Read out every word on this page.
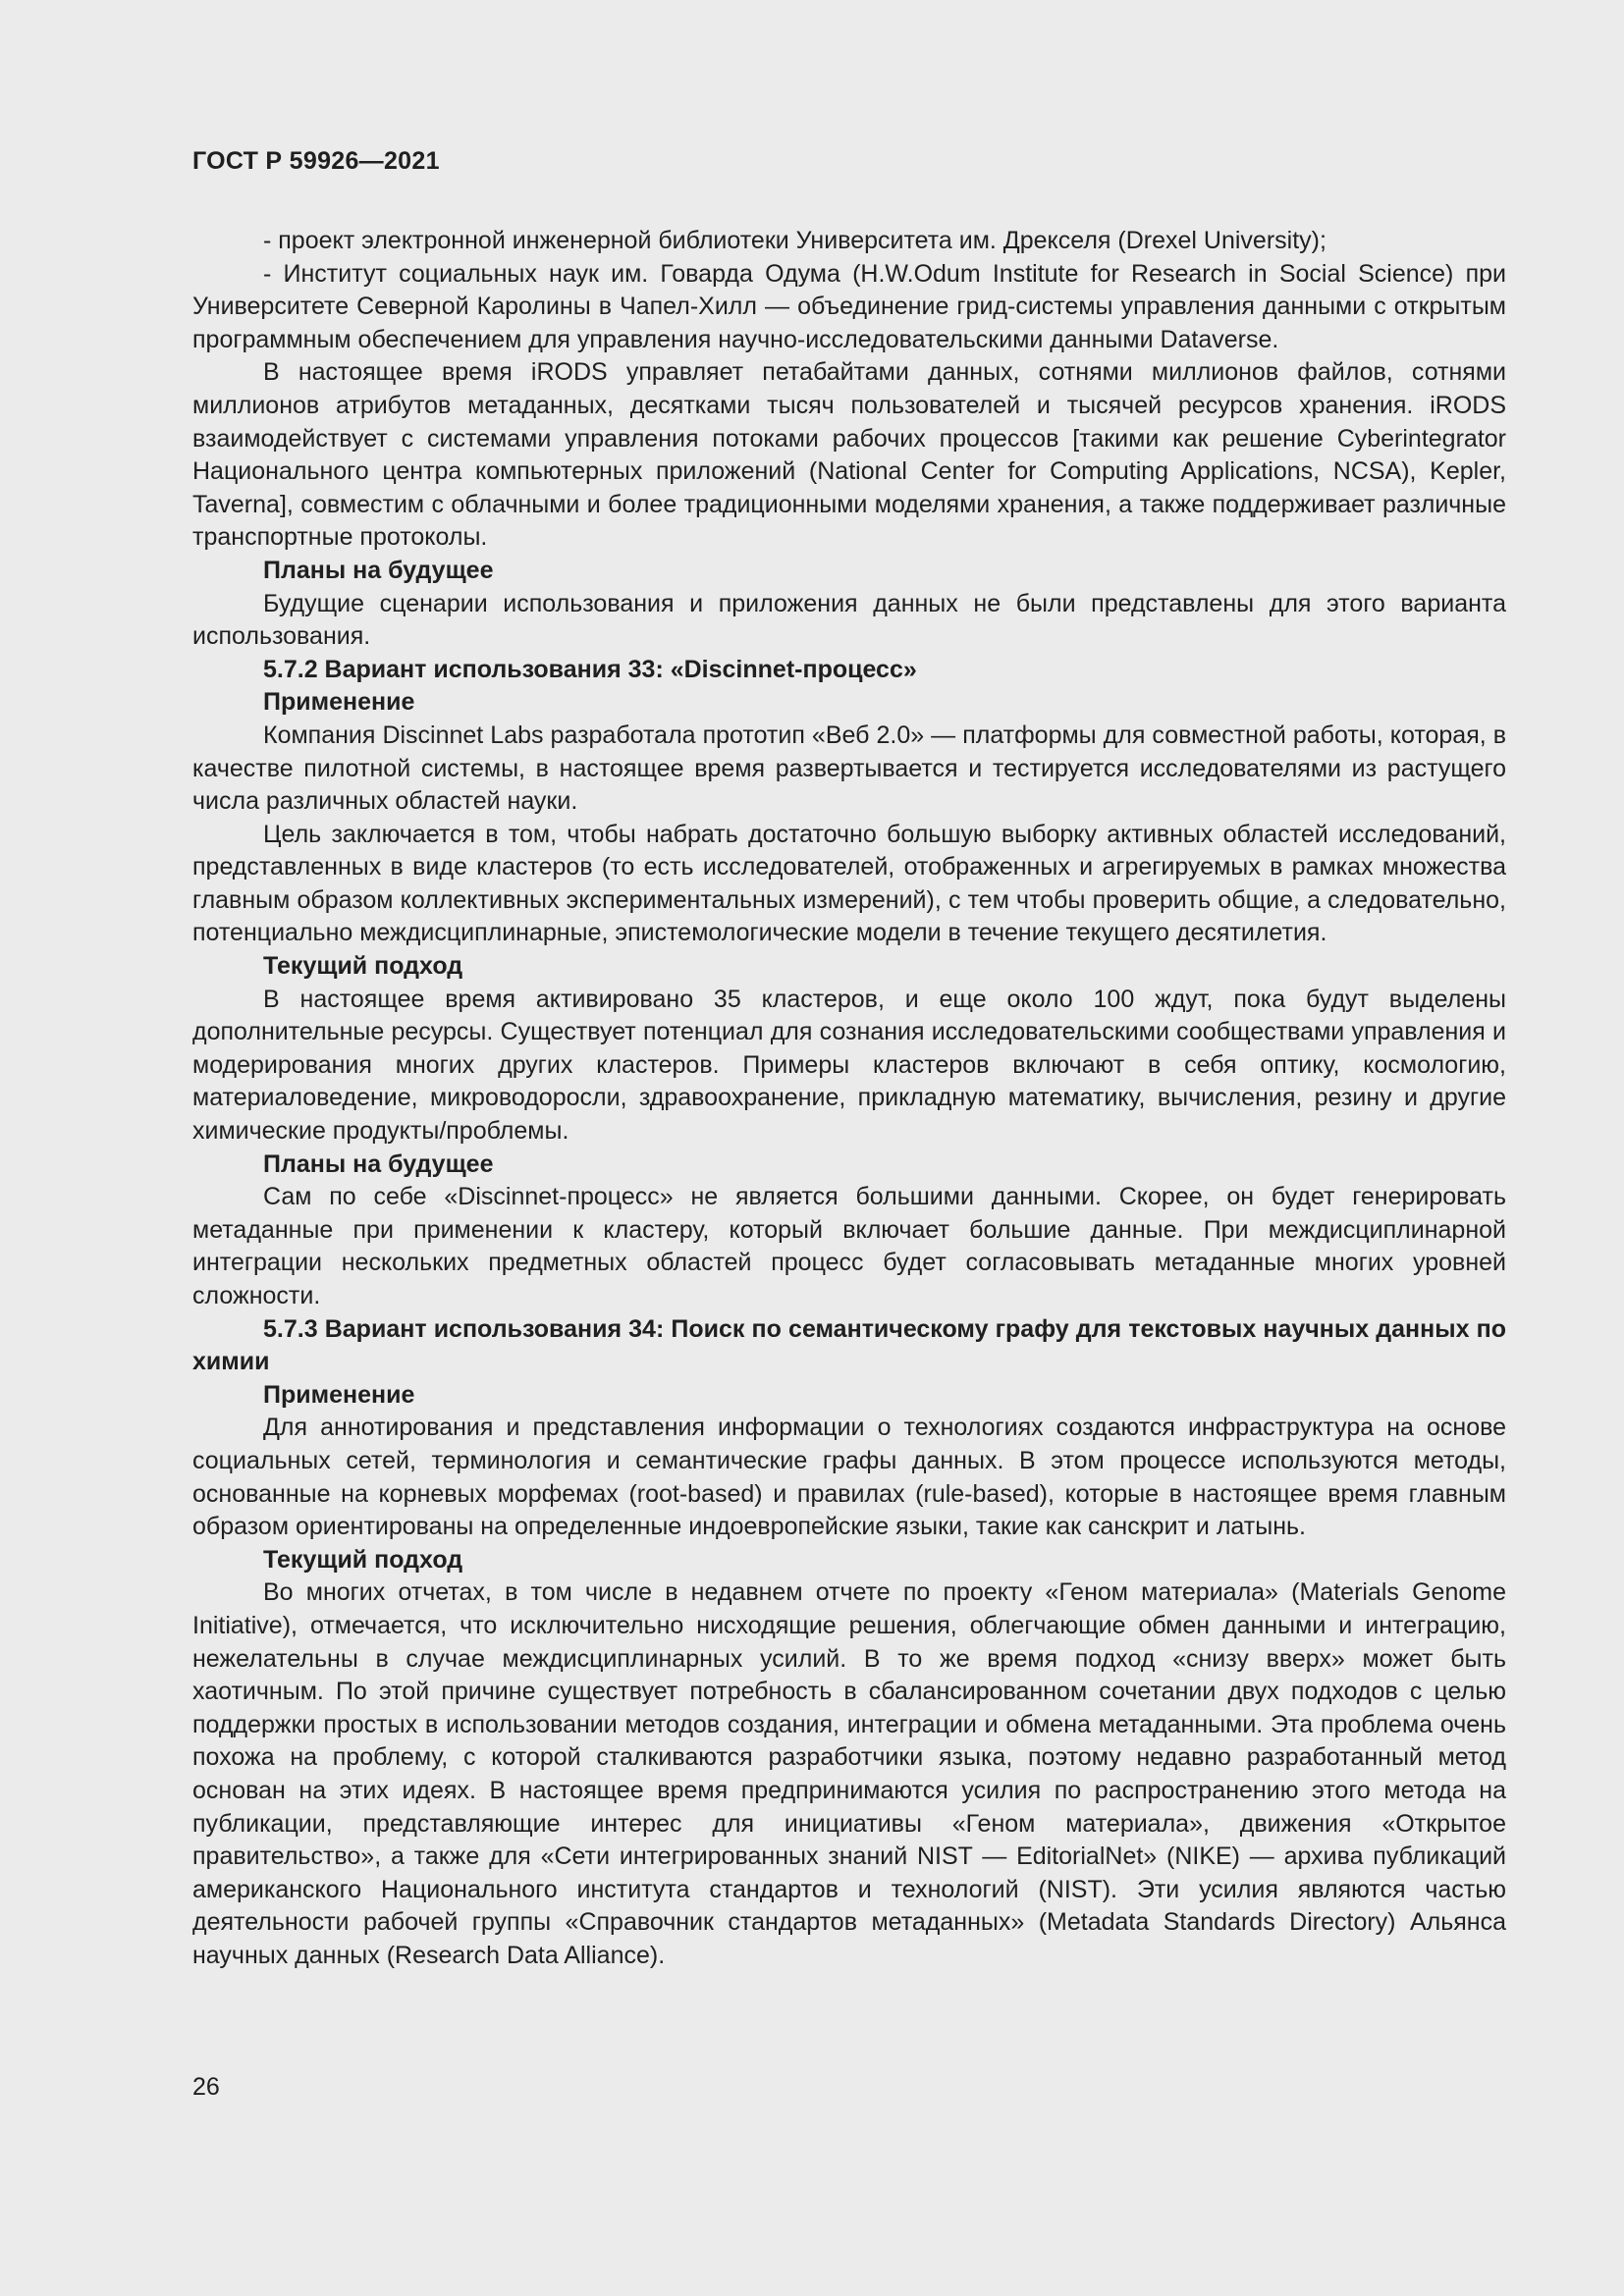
ГОСТ Р 59926—2021

- проект электронной инженерной библиотеки Университета им. Дрекселя (Drexel University);

- Институт социальных наук им. Говарда Одума (H.W.Odum Institute for Research in Social Science) при Университете Северной Каролины в Чапел-Хилл — объединение грид-системы управления данными с открытым программным обеспечением для управления научно-исследовательскими данными Dataverse.

В настоящее время iRODS управляет петабайтами данных, сотнями миллионов файлов, сотнями миллионов атрибутов метаданных, десятками тысяч пользователей и тысячей ресурсов хранения. iRODS взаимодействует с системами управления потоками рабочих процессов [такими как решение Cyberintegrator Национального центра компьютерных приложений (National Center for Computing Applications, NCSA), Kepler, Taverna], совместим с облачными и более традиционными моделями хранения, а также поддерживает различные транспортные протоколы.

Планы на будущее

Будущие сценарии использования и приложения данных не были представлены для этого варианта использования.

5.7.2 Вариант использования 33: «Discinnet-процесс»

Применение

Компания Discinnet Labs разработала прототип «Веб 2.0» — платформы для совместной работы, которая, в качестве пилотной системы, в настоящее время развертывается и тестируется исследователями из растущего числа различных областей науки.

Цель заключается в том, чтобы набрать достаточно большую выборку активных областей исследований, представленных в виде кластеров (то есть исследователей, отображенных и агрегируемых в рамках множества главным образом коллективных экспериментальных измерений), с тем чтобы проверить общие, а следовательно, потенциально междисциплинарные, эпистемологические модели в течение текущего десятилетия.

Текущий подход

В настоящее время активировано 35 кластеров, и еще около 100 ждут, пока будут выделены дополнительные ресурсы. Существует потенциал для сознания исследовательскими сообществами управления и модерирования многих других кластеров. Примеры кластеров включают в себя оптику, космологию, материаловедение, микроводоросли, здравоохранение, прикладную математику, вычисления, резину и другие химические продукты/проблемы.

Планы на будущее

Сам по себе «Discinnet-процесс» не является большими данными. Скорее, он будет генерировать метаданные при применении к кластеру, который включает большие данные. При междисциплинарной интеграции нескольких предметных областей процесс будет согласовывать метаданные многих уровней сложности.

5.7.3 Вариант использования 34: Поиск по семантическому графу для текстовых научных данных по химии

Применение

Для аннотирования и представления информации о технологиях создаются инфраструктура на основе социальных сетей, терминология и семантические графы данных. В этом процессе используются методы, основанные на корневых морфемах (root-based) и правилах (rule-based), которые в настоящее время главным образом ориентированы на определенные индоевропейские языки, такие как санскрит и латынь.

Текущий подход

Во многих отчетах, в том числе в недавнем отчете по проекту «Геном материала» (Materials Genome Initiative), отмечается, что исключительно нисходящие решения, облегчающие обмен данными и интеграцию, нежелательны в случае междисциплинарных усилий. В то же время подход «снизу вверх» может быть хаотичным. По этой причине существует потребность в сбалансированном сочетании двух подходов с целью поддержки простых в использовании методов создания, интеграции и обмена метаданными. Эта проблема очень похожа на проблему, с которой сталкиваются разработчики языка, поэтому недавно разработанный метод основан на этих идеях. В настоящее время предпринимаются усилия по распространению этого метода на публикации, представляющие интерес для инициативы «Геном материала», движения «Открытое правительство», а также для «Сети интегрированных знаний NIST — EditorialNet» (NIKE) — архива публикаций американского Национального института стандартов и технологий (NIST). Эти усилия являются частью деятельности рабочей группы «Справочник стандартов метаданных» (Metadata Standards Directory) Альянса научных данных (Research Data Alliance).

26
